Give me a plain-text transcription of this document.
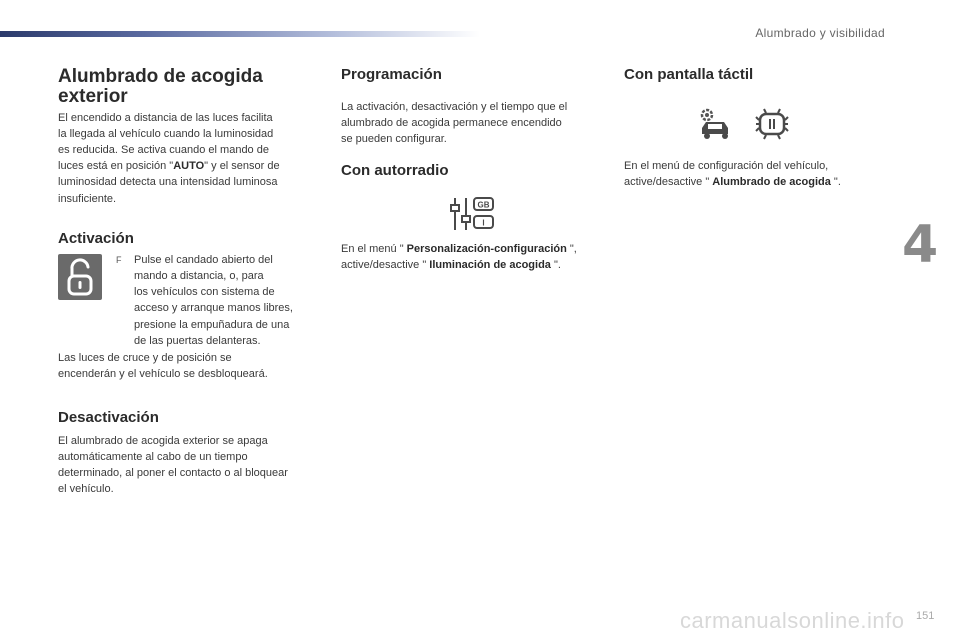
Alumbrado y visibilidad
Alumbrado de acogida exterior

El encendido a distancia de las luces facilita

la llegada al vehículo cuando la luminosidad

es reducida. Se activa cuando el mando de

luces está en posición "AUTO" y el sensor de

luminosidad detecta una intensidad luminosa

insuficiente.

Activación
F Pulse el candado abierto del

mando a distancia, o, para

los vehículos con sistema de

acceso y arranque manos libres,

presione la empuñadura de una

de las puertas delanteras.

Las luces de cruce y de posición se

encenderán y el vehículo se desbloqueará.

Desactivación

El alumbrado de acogida exterior se apaga

automáticamente al cabo de un tiempo

determinado, al poner el contacto o al bloquear

el vehículo.

Programación

La activación, desactivación y el tiempo que el

alumbrado de acogida permanece encendido

se pueden configurar.

Con autorradio
GB
I

En el menú " Personalización-configuración ",

active/desactive " Iluminación de acogida ".

Con pantalla táctil

En el menú de configuración del vehículo,

active/desactive " Alumbrado de acogida ".

4
carmanualsonline.info 151
